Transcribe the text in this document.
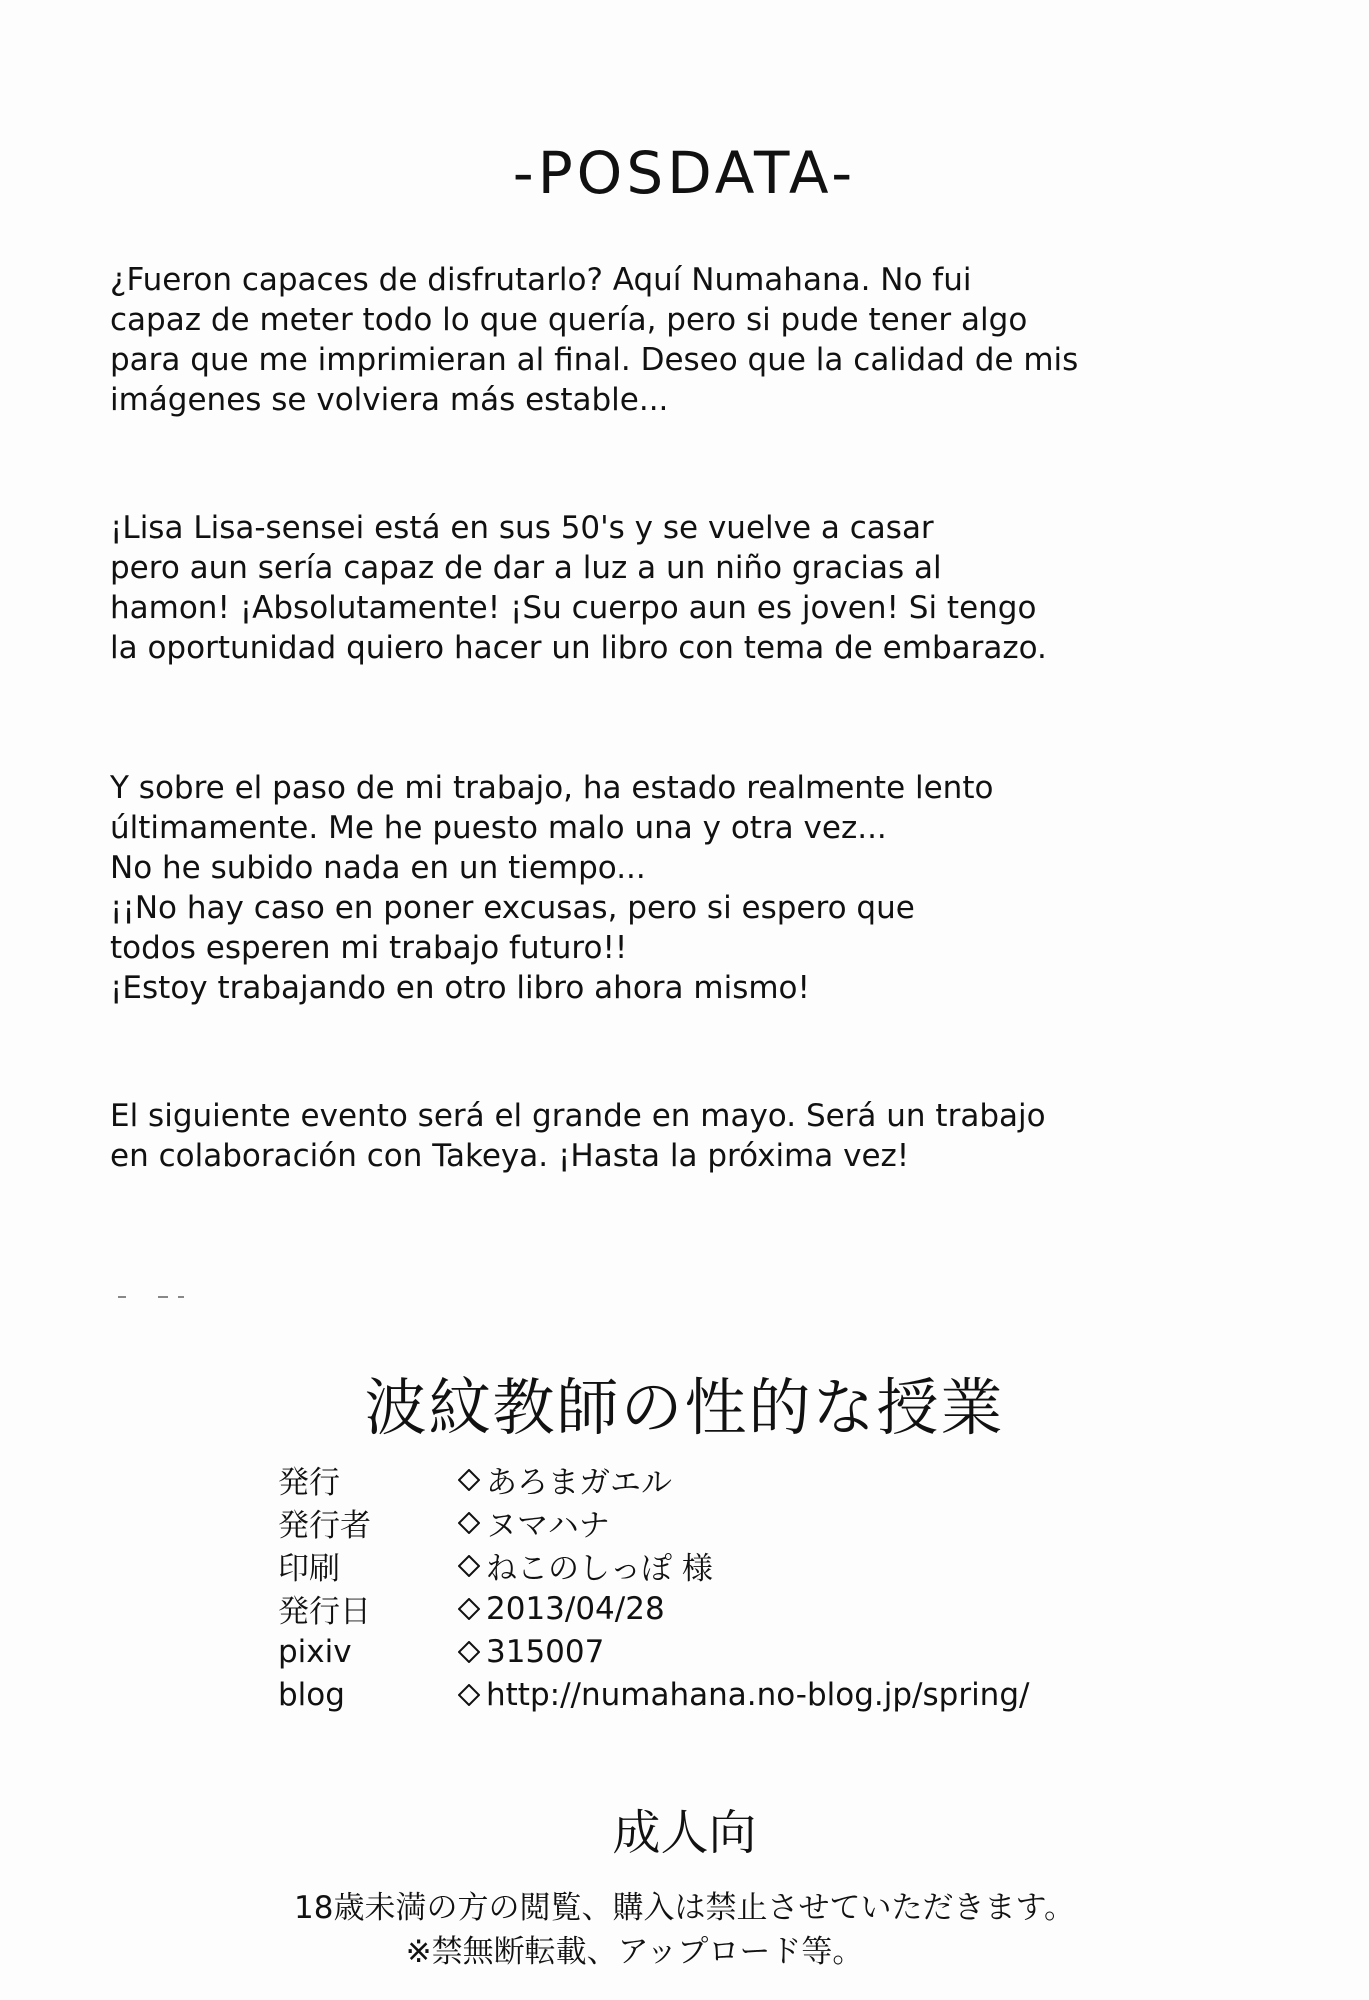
-POSDATA-

¿Fueron capaces de disfrutarlo? Aquí Numahana. No fui
capaz de meter todo lo que quería, pero si pude tener algo
para que me imprimieran al final. Deseo que la calidad de mis
imágenes se volviera más estable...

¡Lisa Lisa-sensei está en sus 50's y se vuelve a casar
pero aun sería capaz de dar a luz a un niño gracias al
hamon! ¡Absolutamente! ¡Su cuerpo aun es joven! Si tengo
la oportunidad quiero hacer un libro con tema de embarazo.

Y sobre el paso de mi trabajo, ha estado realmente lento
últimamente. Me he puesto malo una y otra vez...
No he subido nada en un tiempo...
¡¡No hay caso en poner excusas, pero si espero que
todos esperen mi trabajo futuro!!
¡Estoy trabajando en otro libro ahora mismo!

El siguiente evento será el grande en mayo. Será un trabajo
en colaboración con Takeya. ¡Hasta la próxima vez!

波紋教師の性的な授業
発行	あろまガエル
発行者	ヌマハナ
印刷	ねこのしっぽ 様
発行日	2013/04/28
pixiv	315007
blog	http://numahana.no-blog.jp/spring/
成人向
18歳未満の方の閲覧、購入は禁止させていただきます。
※禁無断転載、アップロード等。
